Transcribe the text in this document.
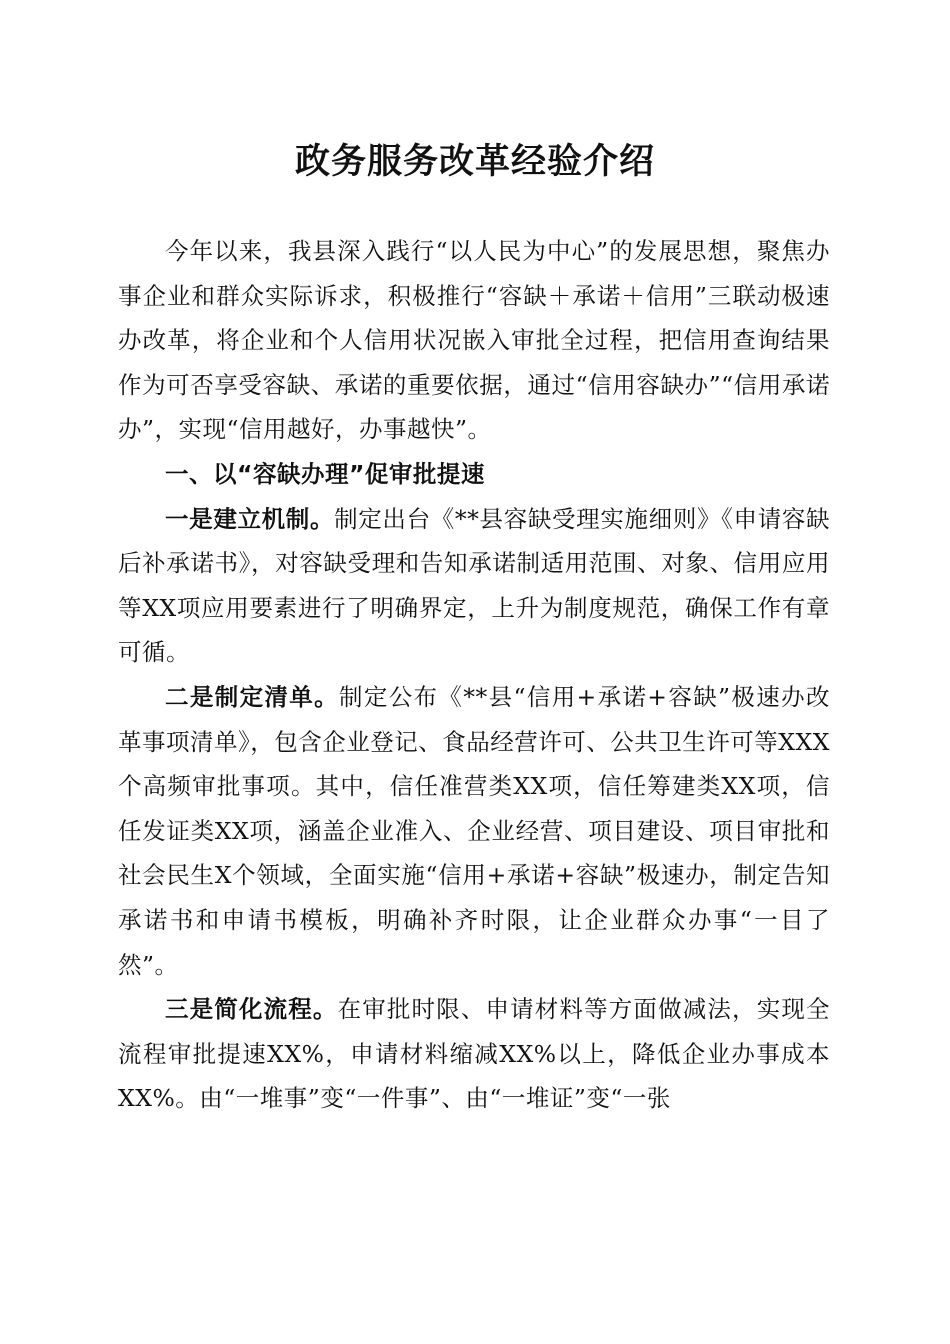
政务服务改革经验介绍

今年以来，我县深入践行“以人民为中心”的发展思想，聚焦办事企业和群众实际诉求，积极推行“容缺＋承诺＋信用”三联动极速办改革，将企业和个人信用状况嵌入审批全过程，把信用查询结果作为可否享受容缺、承诺的重要依据，通过“信用容缺办”“信用承诺办”，实现“信用越好，办事越快”。

一、以“容缺办理”促审批提速

一是建立机制。制定出台《**县容缺受理实施细则》《申请容缺后补承诺书》，对容缺受理和告知承诺制适用范围、对象、信用应用等XX项应用要素进行了明确界定，上升为制度规范，确保工作有章可循。

二是制定清单。制定公布《**县“信用+承诺+容缺”极速办改革事项清单》，包含企业登记、食品经营许可、公共卫生许可等XXX个高频审批事项。其中，信任准营类XX项，信任筹建类XX项，信任发证类XX项，涵盖企业准入、企业经营、项目建设、项目审批和社会民生X个领域，全面实施“信用+承诺+容缺”极速办，制定告知承诺书和申请书模板，明确补齐时限，让企业群众办事“一目了然”。

三是简化流程。在审批时限、申请材料等方面做减法，实现全流程审批提速XX%，申请材料缩减XX%以上，降低企业办事成本XX%。由“一堆事”变“一件事”、由“一堆证”变“一张
